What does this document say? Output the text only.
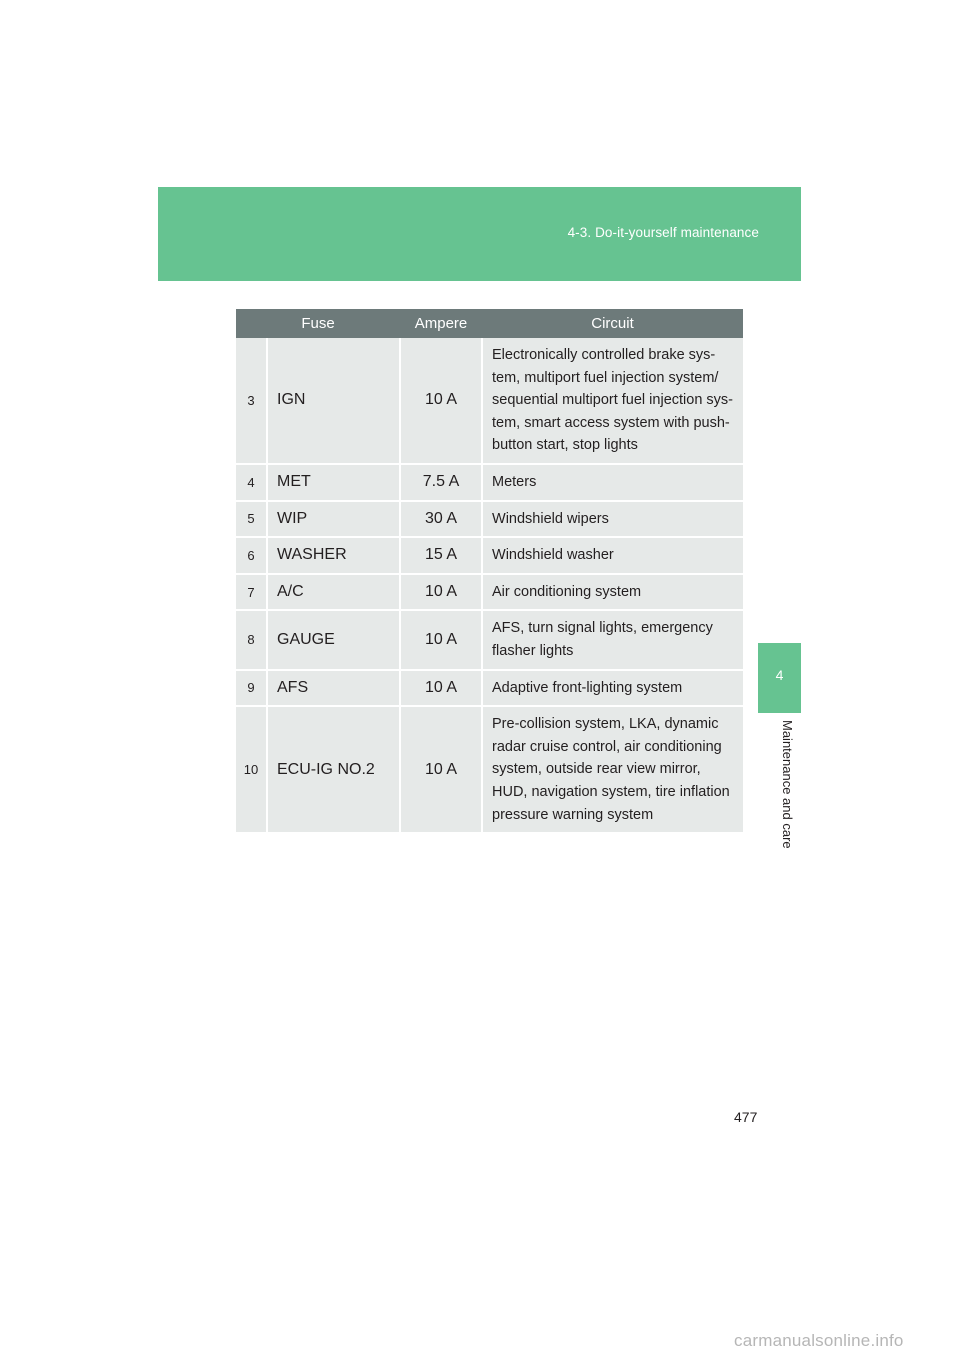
4-3. Do-it-yourself maintenance
4
Maintenance and care
Fuse		Ampere	Circuit
3	IGN	10 A	Electronically controlled brake sys-
tem, multiport fuel injection system/
sequential multiport fuel injection sys-
tem, smart access system with push-
button start, stop lights
4	MET	7.5 A	Meters
5	WIP	30 A	Windshield wipers
6	WASHER	15 A	Windshield washer
7	A/C	10 A	Air conditioning system
8	GAUGE	10 A	AFS, turn signal lights, emergency
flasher lights
9	AFS	10 A	Adaptive front-lighting system
10	ECU-IG NO.2	10 A	Pre-collision system, LKA, dynamic
radar cruise control, air conditioning
system, outside rear view mirror,
HUD, navigation system, tire inflation
pressure warning system
477
carmanualsonline.info
